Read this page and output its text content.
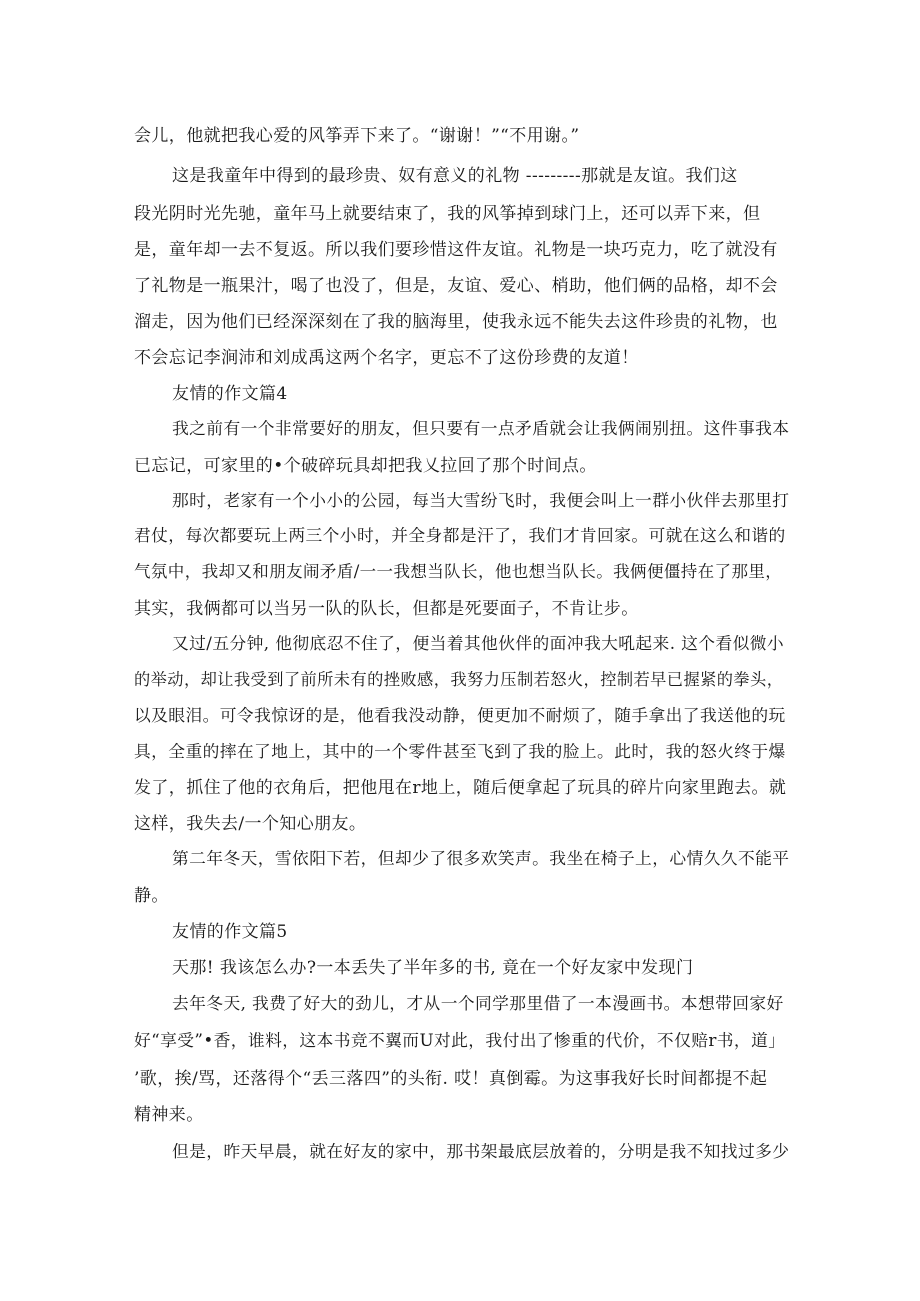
会儿，他就把我心爱的风筝弄下来了。“谢谢！”“不用谢。”
这是我童年中得到的最珍贵、奴有意义的礼物 ---------那就是友谊。我们这
段光阴时光先驰，童年马上就要结束了，我的风筝掉到球门上，还可以弄下来，但
是，童年却一去不复返。所以我们要珍惜这件友谊。礼物是一块巧克力，吃了就没有
了礼物是一瓶果汁，喝了也没了，但是，友谊、爱心、梢助，他们俩的品格，却不会
溜走，因为他们已经深深刻在了我的脑海里，使我永远不能失去这件珍贵的礼物，也
不会忘记李涧沛和刘成禹这两个名字，更忘不了这份珍费的友道！
友情的作文篇4
我之前有一个非常要好的朋友，但只要有一点矛盾就会让我俩闹别扭。这件事我本
已忘记，可家里的•个破碎玩具却把我乂拉回了那个时间点。
那时，老家有一个小小的公园，每当大雪纷飞时，我便会叫上一群小伙伴去那里打
君仗，每次都要玩上两三个小时，并全身都是汗了，我们才肯回家。可就在这么和谐的
气氛中，我却又和朋友闹矛盾/一一我想当队长，他也想当队长。我俩便僵持在了那里，
其实，我俩都可以当另一队的队长，但都是死要面子，不肯让步。
又过/五分钟, 他彻底忍不住了，便当着其他伙伴的面冲我大吼起来. 这个看似微小
的举动，却让我受到了前所未有的挫败感，我努力压制若怒火，控制若早已握紧的拳头，
以及眼泪。可令我惊讶的是，他看我没动静，便更加不耐烦了，随手拿出了我送他的玩
具，全重的摔在了地上，其中的一个零件甚至飞到了我的脸上。此时，我的怒火终于爆
发了，抓住了他的衣角后，把他甩在r地上，随后便拿起了玩具的碎片向家里跑去。就
这样，我失去/一个知心朋友。
第二年冬天，雪依阳下若，但却少了很多欢笑声。我坐在椅子上，心情久久不能平
静。
友情的作文篇5
天那! 我该怎么办?一本丢失了半年多的书, 竟在一个好友家中发现门
去年冬天, 我费了好大的劲儿，才从一个同学那里借了一本漫画书。本想带回家好
好“享受”•香，谁料，这本书竞不翼而U对此，我付出了惨重的代价，不仅赔r书，道」
’歌，挨/骂，还落得个“丢三落四”的头衔. 哎！真倒霉。为这事我好长时间都提不起
精神来。
但是，昨天早晨，就在好友的家中，那书架最底层放着的，分明是我不知找过多少
